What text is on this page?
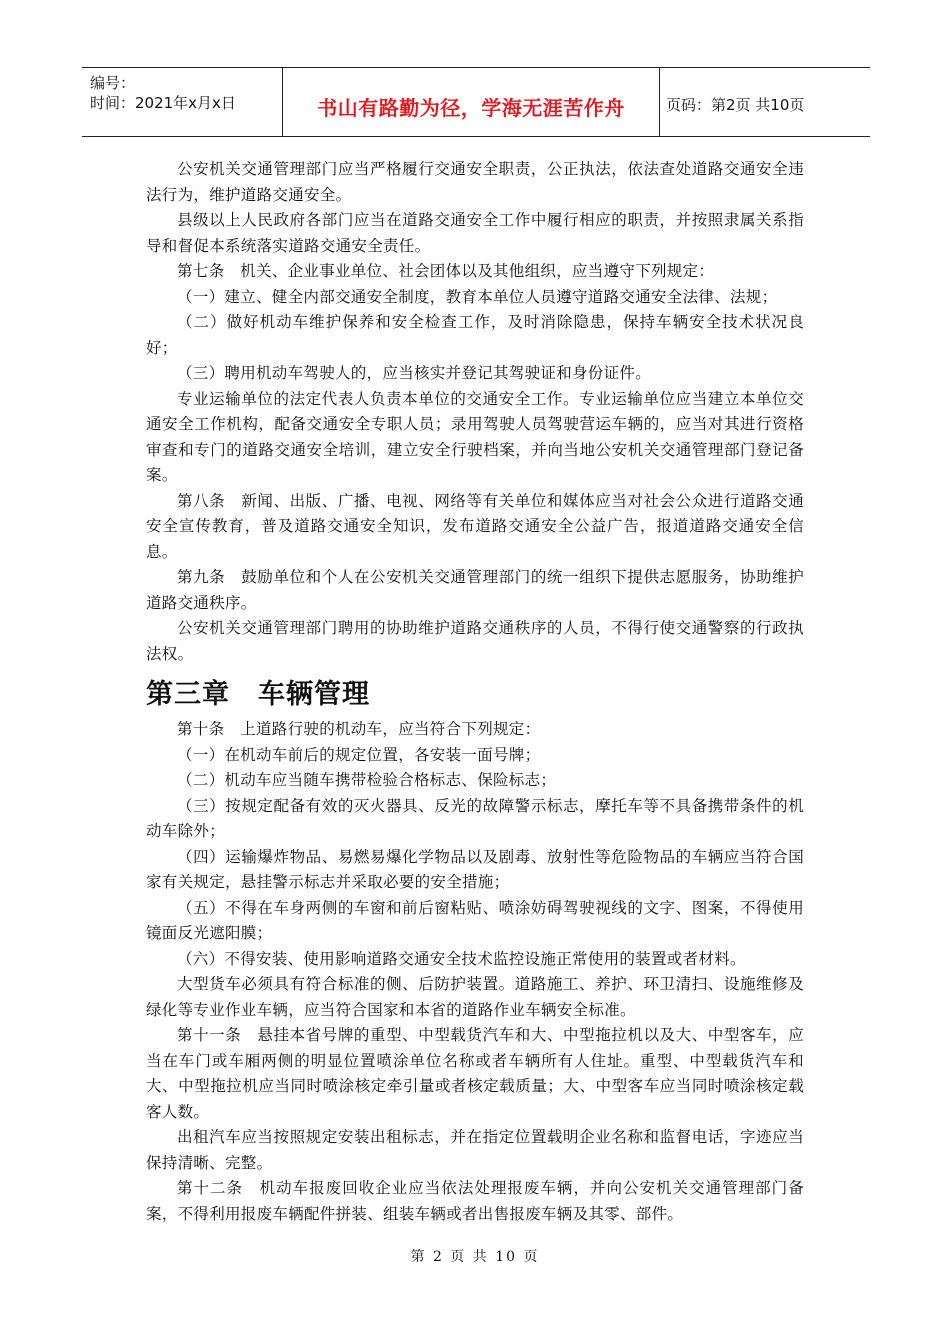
编号：
时间：2021年x月x日	书山有路勤为径，学海无涯苦作舟	页码：第2页 共10页

公安机关交通管理部门应当严格履行交通安全职责，公正执法，依法查处道路交通安全违法行为，维护道路交通安全。

县级以上人民政府各部门应当在道路交通安全工作中履行相应的职责，并按照隶属关系指导和督促本系统落实道路交通安全责任。

第七条　机关、企业事业单位、社会团体以及其他组织，应当遵守下列规定：

（一）建立、健全内部交通安全制度，教育本单位人员遵守道路交通安全法律、法规；

（二）做好机动车维护保养和安全检查工作，及时消除隐患，保持车辆安全技术状况良好；

（三）聘用机动车驾驶人的，应当核实并登记其驾驶证和身份证件。

专业运输单位的法定代表人负责本单位的交通安全工作。专业运输单位应当建立本单位交通安全工作机构，配备交通安全专职人员；录用驾驶人员驾驶营运车辆的，应当对其进行资格审查和专门的道路交通安全培训，建立安全行驶档案，并向当地公安机关交通管理部门登记备案。

第八条　新闻、出版、广播、电视、网络等有关单位和媒体应当对社会公众进行道路交通安全宣传教育，普及道路交通安全知识，发布道路交通安全公益广告，报道道路交通安全信息。

第九条　鼓励单位和个人在公安机关交通管理部门的统一组织下提供志愿服务，协助维护道路交通秩序。

公安机关交通管理部门聘用的协助维护道路交通秩序的人员，不得行使交通警察的行政执法权。

第三章　车辆管理

第十条　上道路行驶的机动车，应当符合下列规定：

（一）在机动车前后的规定位置，各安装一面号牌；

（二）机动车应当随车携带检验合格标志、保险标志；

（三）按规定配备有效的灭火器具、反光的故障警示标志，摩托车等不具备携带条件的机动车除外；

（四）运输爆炸物品、易燃易爆化学物品以及剧毒、放射性等危险物品的车辆应当符合国家有关规定，悬挂警示标志并采取必要的安全措施；

（五）不得在车身两侧的车窗和前后窗粘贴、喷涂妨碍驾驶视线的文字、图案，不得使用镜面反光遮阳膜；

（六）不得安装、使用影响道路交通安全技术监控设施正常使用的装置或者材料。

大型货车必须具有符合标准的侧、后防护装置。道路施工、养护、环卫清扫、设施维修及绿化等专业作业车辆，应当符合国家和本省的道路作业车辆安全标准。

第十一条　悬挂本省号牌的重型、中型载货汽车和大、中型拖拉机以及大、中型客车，应当在车门或车厢两侧的明显位置喷涂单位名称或者车辆所有人住址。重型、中型载货汽车和大、中型拖拉机应当同时喷涂核定牵引量或者核定载质量；大、中型客车应当同时喷涂核定载客人数。

出租汽车应当按照规定安装出租标志，并在指定位置载明企业名称和监督电话，字迹应当保持清晰、完整。

第十二条　机动车报废回收企业应当依法处理报废车辆，并向公安机关交通管理部门备案，不得利用报废车辆配件拼装、组装车辆或者出售报废车辆及其零、部件。

第 2 页 共 10 页
